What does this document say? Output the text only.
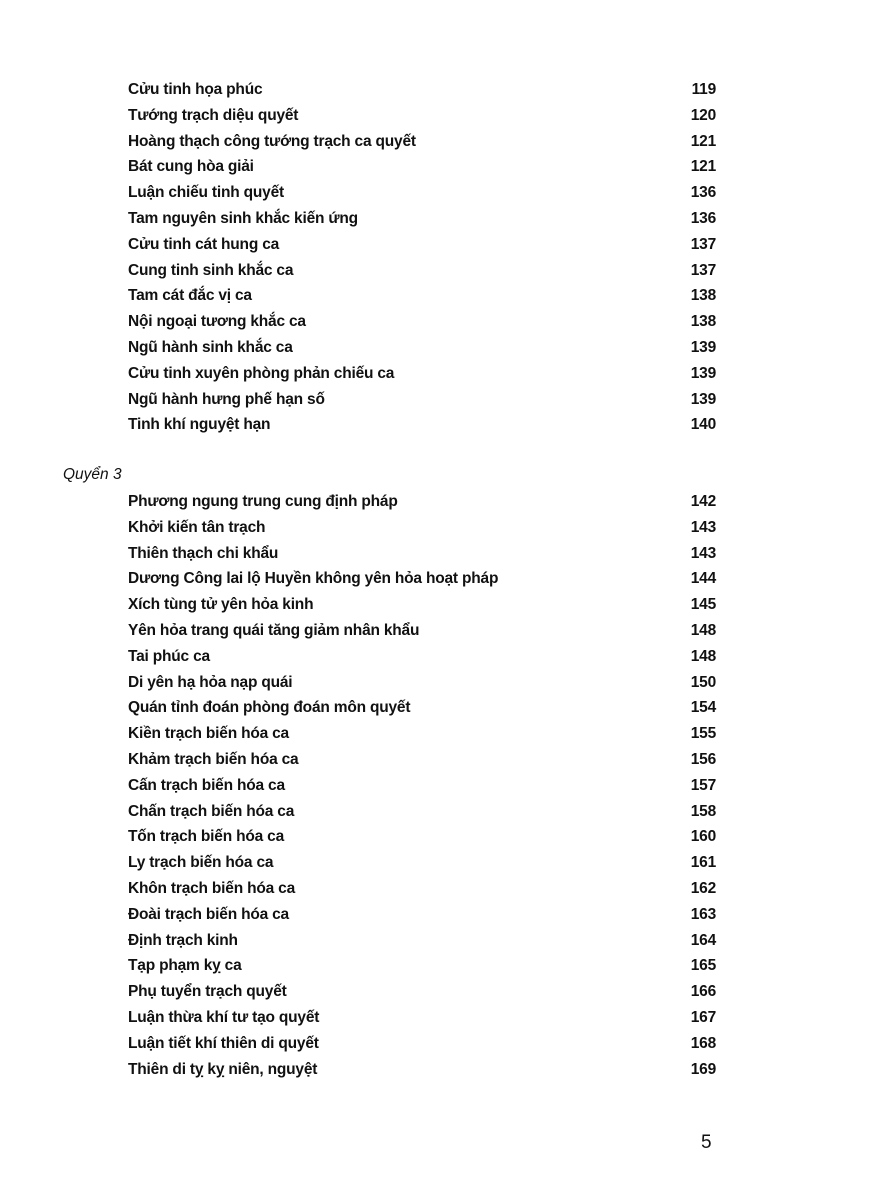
Cửu tinh họa phúc	119
Tướng trạch diệu quyết	120
Hoàng thạch công tướng trạch ca quyết	121
Bát cung hòa giải	121
Luận chiếu tinh quyết	136
Tam nguyên sinh khắc kiến ứng	136
Cửu tinh cát hung ca	137
Cung tinh sinh khắc ca	137
Tam cát đắc vị ca	138
Nội ngoại tương khắc ca	138
Ngũ hành sinh khắc ca	139
Cửu tinh xuyên phòng phản chiếu ca	139
Ngũ hành hưng phế hạn số	139
Tinh khí nguyệt hạn	140
Quyển 3
Phương ngung trung cung định pháp	142
Khởi kiến tân trạch	143
Thiên thạch chi khẩu	143
Dương Công lai lộ Huyền không yên hỏa hoạt pháp	144
Xích tùng tử yên hỏa kinh	145
Yên hỏa trang quái tăng giảm nhân khẩu	148
Tai phúc ca	148
Di yên hạ hỏa nạp quái	150
Quán tỉnh đoán phòng đoán môn quyết	154
Kiền trạch biến hóa ca	155
Khảm trạch biến hóa ca	156
Cấn trạch biến hóa ca	157
Chấn trạch biến hóa ca	158
Tốn trạch biến hóa ca	160
Ly trạch biến hóa ca	161
Khôn trạch biến hóa ca	162
Đoài trạch biến hóa ca	163
Định trạch kinh	164
Tạp phạm kỵ ca	165
Phụ tuyển trạch quyết	166
Luận thừa khí tư tạo quyết	167
Luận tiết khí thiên di quyết	168
Thiên di tỵ kỵ niên, nguyệt	169
5
